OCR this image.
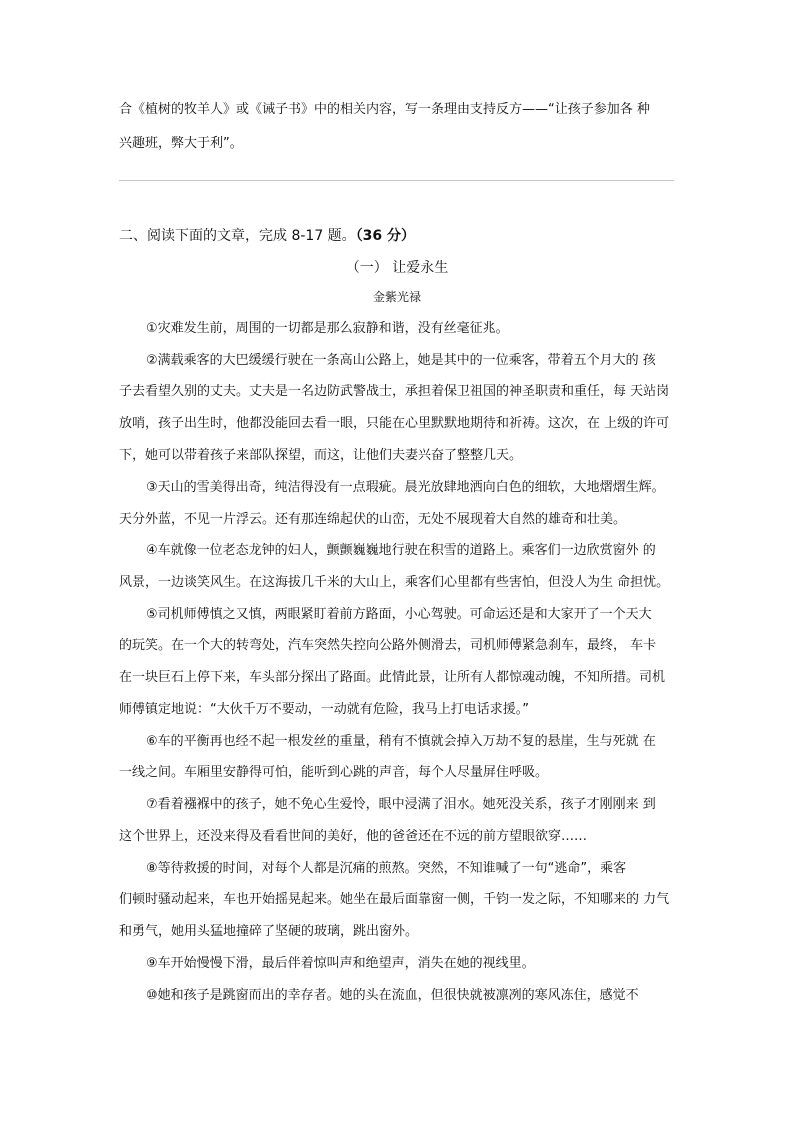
合《植树的牧羊人》或《诫子书》中的相关内容，写一条理由支持反方——“让孩子参加各 种
兴趣班，弊大于利”。
二、阅读下面的文章，完成 8-17 题。（36 分）
（一） 让爱永生
金紫光禄
①灾难发生前，周围的一切都是那么寂静和谐，没有丝毫征兆。
②满载乘客的大巴缓缓行驶在一条高山公路上，她是其中的一位乘客，带着五个月大的 孩
子去看望久别的丈夫。丈夫是一名边防武警战士，承担着保卫祖国的神圣职责和重任，每 天站岗
放哨，孩子出生时，他都没能回去看一眼，只能在心里默默地期待和祈祷。这次，在 上级的许可
下，她可以带着孩子来部队探望，而这，让他们夫妻兴奋了整整几天。
③天山的雪美得出奇，纯洁得没有一点瑕疵。晨光放肆地洒向白色的细软，大地熠熠生辉。
天分外蓝，不见一片浮云。还有那连绵起伏的山峦，无处不展现着大自然的雄奇和壮美。
④车就像一位老态龙钟的妇人，颤颤巍巍地行驶在积雪的道路上。乘客们一边欣赏窗外 的
风景，一边谈笑风生。在这海拔几千米的大山上，乘客们心里都有些害怕，但没人为生 命担忧。
⑤司机师傅慎之又慎，两眼紧盯着前方路面，小心驾驶。可命运还是和大家开了一个天大
的玩笑。在一个大的转弯处，汽车突然失控向公路外侧滑去，司机师傅紧急刹车，最终， 车卡
在一块巨石上停下来，车头部分探出了路面。此情此景，让所有人都惊魂动魄，不知所措。司机
师傅镇定地说：“大伙千万不要动，一动就有危险，我马上打电话求援。”
⑥车的平衡再也经不起一根发丝的重量，稍有不慎就会掉入万劫不复的悬崖，生与死就 在
一线之间。车厢里安静得可怕，能听到心跳的声音，每个人尽量屏住呼吸。
⑦看着襁褓中的孩子，她不免心生爱怜，眼中浸满了泪水。她死没关系，孩子才刚刚来 到
这个世界上，还没来得及看看世间的美好，他的爸爸还在不远的前方望眼欲穿……
⑧等待救援的时间，对每个人都是沉痛的煎熬。突然，不知谁喊了一句“逃命”，乘客
们顿时骚动起来，车也开始摇晃起来。她坐在最后面靠窗一侧，千钧一发之际，不知哪来的 力气
和勇气，她用头猛地撞碎了坚硬的玻璃，跳出窗外。
⑨车开始慢慢下滑，最后伴着惊叫声和绝望声，消失在她的视线里。
⑩她和孩子是跳窗而出的幸存者。她的头在流血，但很快就被凛冽的寒风冻住，感觉不
